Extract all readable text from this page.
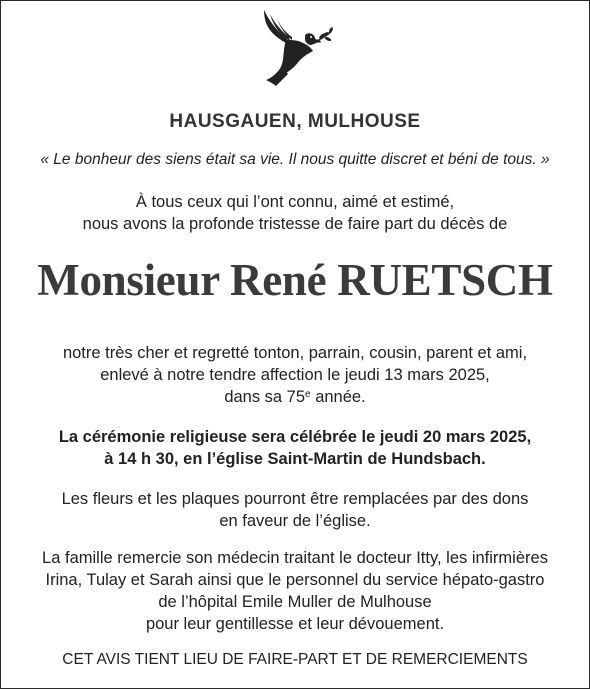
HAUSGAUEN, MULHOUSE
« Le bonheur des siens était sa vie. Il nous quitte discret et béni de tous. »
À tous ceux qui l’ont connu, aimé et estimé,
nous avons la profonde tristesse de faire part du décès de
Monsieur René RUETSCH
notre très cher et regretté tonton, parrain, cousin, parent et ami,
enlevé à notre tendre affection le jeudi 13 mars 2025,
dans sa 75e année.
La cérémonie religieuse sera célébrée le jeudi 20 mars 2025,
à 14 h 30, en l’église Saint-Martin de Hundsbach.
Les fleurs et les plaques pourront être remplacées par des dons
en faveur de l’église.
La famille remercie son médecin traitant le docteur Itty, les infirmières
Irina, Tulay et Sarah ainsi que le personnel du service hépato-gastro
de l’hôpital Emile Muller de Mulhouse
pour leur gentillesse et leur dévouement.
CET AVIS TIENT LIEU DE FAIRE-PART ET DE REMERCIEMENTS
